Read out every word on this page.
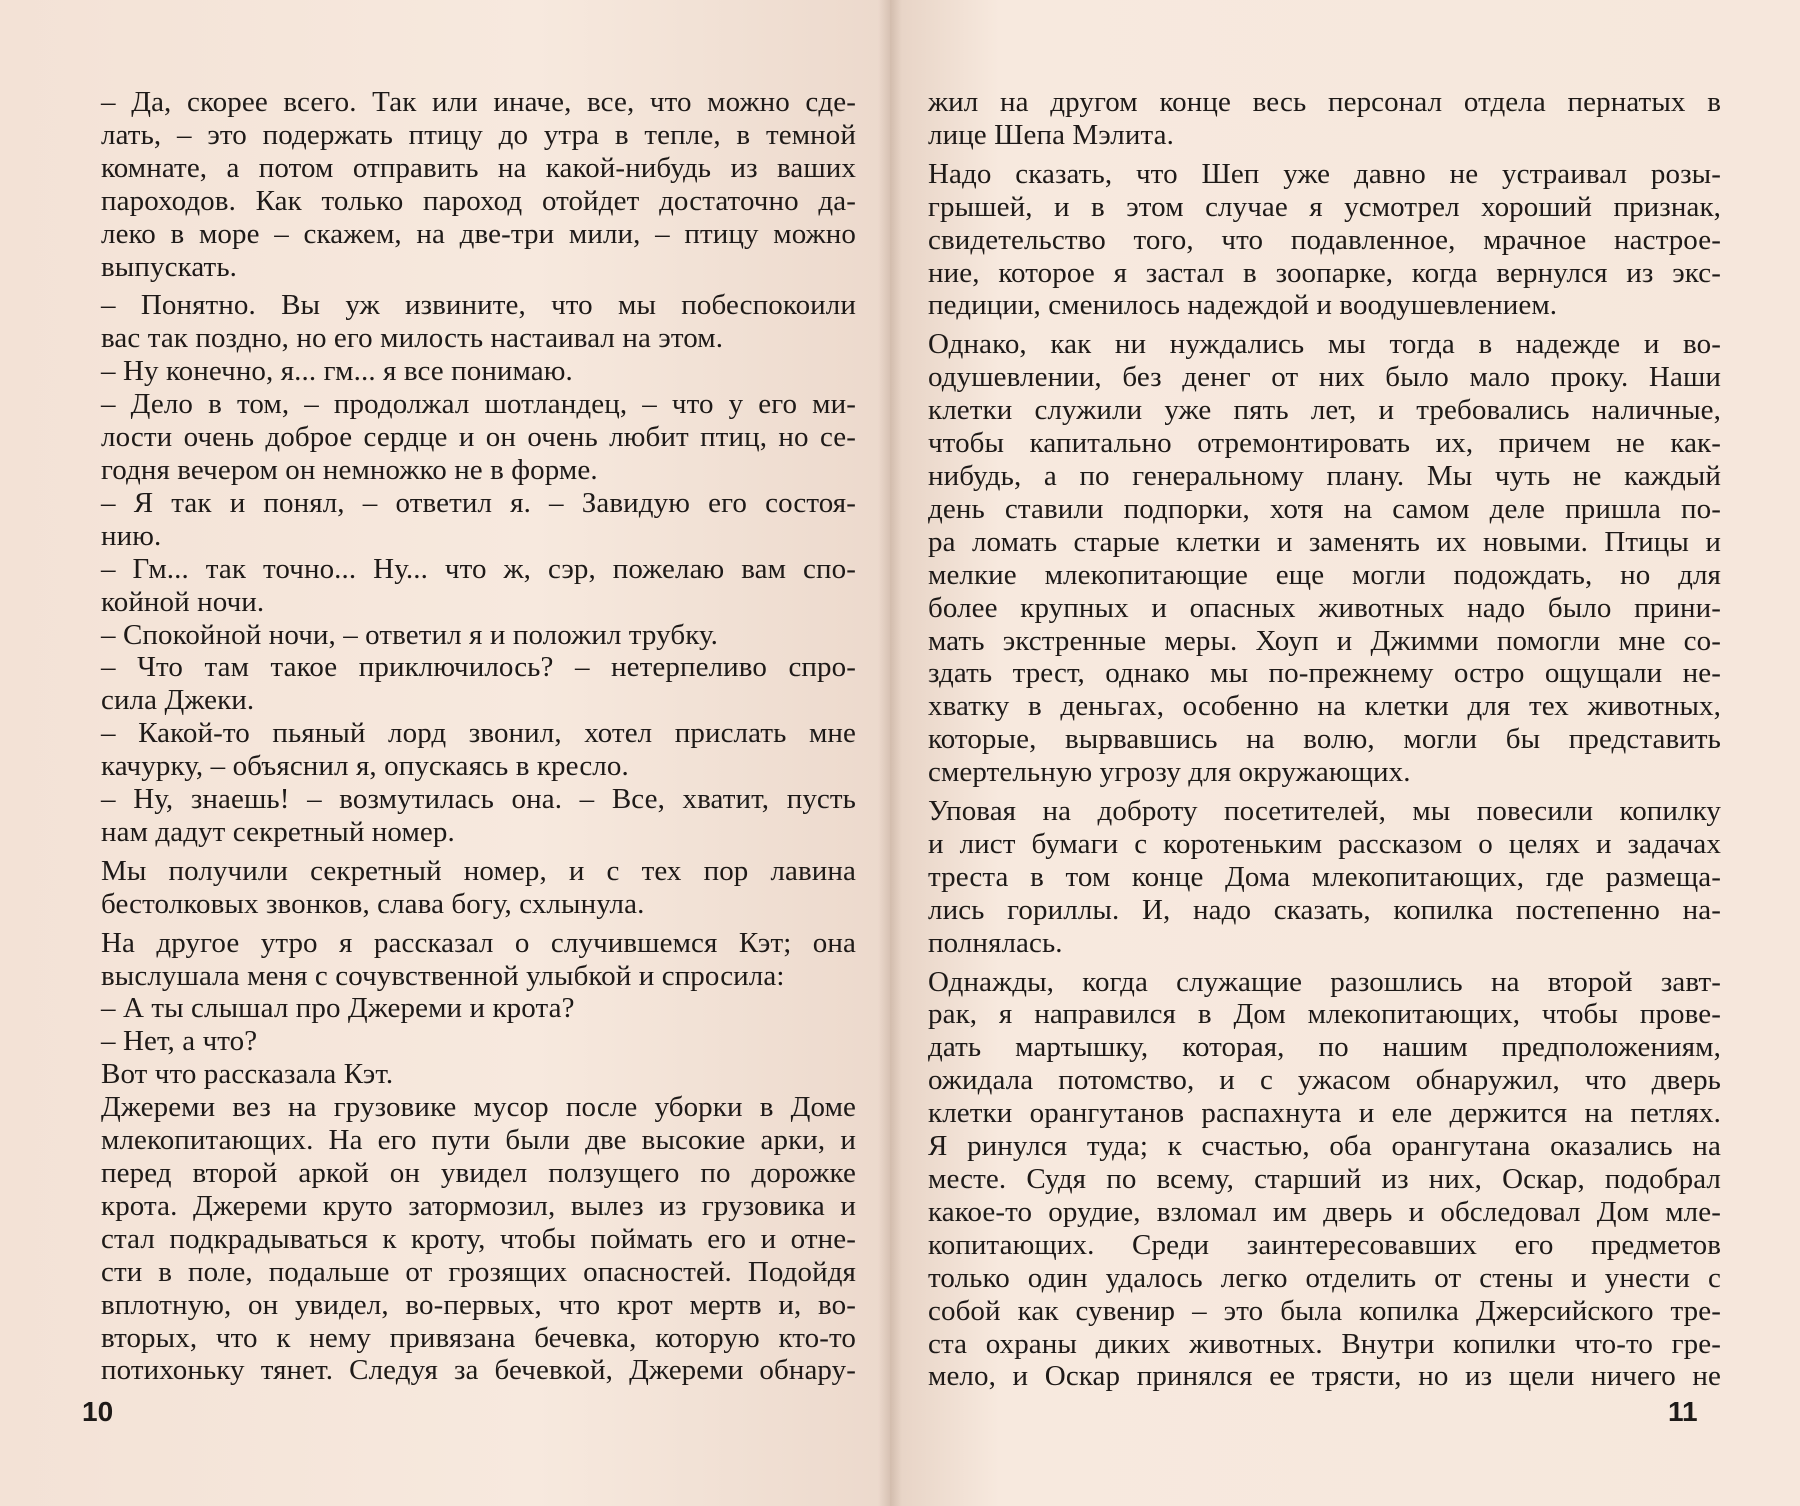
– Да, скорее всего. Так или иначе, все, что можно сде-

лать, – это подержать птицу до утра в тепле, в темной

комнате, а потом отправить на какой-нибудь из ваших

пароходов. Как только пароход отойдет достаточно да-

леко в море – скажем, на две-три мили, – птицу можно

выпускать.

– Понятно. Вы уж извините, что мы побеспокоили

вас так поздно, но его милость настаивал на этом.

– Ну конечно, я... гм... я все понимаю.

– Дело в том, – продолжал шотландец, – что у его ми-

лости очень доброе сердце и он очень любит птиц, но се-

годня вечером он немножко не в форме.

– Я так и понял, – ответил я. – Завидую его состоя-

нию.

– Гм... так точно... Ну... что ж, сэр, пожелаю вам спо-

койной ночи.

– Спокойной ночи, – ответил я и положил трубку.

– Что там такое приключилось? – нетерпеливо спро-

сила Джеки.

– Какой-то пьяный лорд звонил, хотел прислать мне

качурку, – объяснил я, опускаясь в кресло.

– Ну, знаешь! – возмутилась она. – Все, хватит, пусть

нам дадут секретный номер.

Мы получили секретный номер, и с тех пор лавина

бестолковых звонков, слава богу, схлынула.

На другое утро я рассказал о случившемся Кэт; она

выслушала меня с сочувственной улыбкой и спросила:

– А ты слышал про Джереми и крота?

– Нет, а что?

Вот что рассказала Кэт.

Джереми вез на грузовике мусор после уборки в Доме

млекопитающих. На его пути были две высокие арки, и

перед второй аркой он увидел ползущего по дорожке

крота. Джереми круто затормозил, вылез из грузовика и

стал подкрадываться к кроту, чтобы поймать его и отне-

сти в поле, подальше от грозящих опасностей. Подойдя

вплотную, он увидел, во-первых, что крот мертв и, во-

вторых, что к нему привязана бечевка, которую кто-то

потихоньку тянет. Следуя за бечевкой, Джереми обнару-

10

жил на другом конце весь персонал отдела пернатых в

лице Шепа Мэлита.

Надо сказать, что Шеп уже давно не устраивал розы-

грышей, и в этом случае я усмотрел хороший признак,

свидетельство того, что подавленное, мрачное настрое-

ние, которое я застал в зоопарке, когда вернулся из экс-

педиции, сменилось надеждой и воодушевлением.

Однако, как ни нуждались мы тогда в надежде и во-

одушевлении, без денег от них было мало проку. Наши

клетки служили уже пять лет, и требовались наличные,

чтобы капитально отремонтировать их, причем не как-

нибудь, а по генеральному плану. Мы чуть не каждый

день ставили подпорки, хотя на самом деле пришла по-

ра ломать старые клетки и заменять их новыми. Птицы и

мелкие млекопитающие еще могли подождать, но для

более крупных и опасных животных надо было прини-

мать экстренные меры. Хоуп и Джимми помогли мне со-

здать трест, однако мы по-прежнему остро ощущали не-

хватку в деньгах, особенно на клетки для тех животных,

которые, вырвавшись на волю, могли бы представить

смертельную угрозу для окружающих.

Уповая на доброту посетителей, мы повесили копилку

и лист бумаги с коротеньким рассказом о целях и задачах

треста в том конце Дома млекопитающих, где размеща-

лись гориллы. И, надо сказать, копилка постепенно на-

полнялась.

Однажды, когда служащие разошлись на второй завт-

рак, я направился в Дом млекопитающих, чтобы прове-

дать мартышку, которая, по нашим предположениям,

ожидала потомство, и с ужасом обнаружил, что дверь

клетки орангутанов распахнута и еле держится на петлях.

Я ринулся туда; к счастью, оба орангутана оказались на

месте. Судя по всему, старший из них, Оскар, подобрал

какое-то орудие, взломал им дверь и обследовал Дом мле-

копитающих. Среди заинтересовавших его предметов

только один удалось легко отделить от стены и унести с

собой как сувенир – это была копилка Джерсийского тре-

ста охраны диких животных. Внутри копилки что-то гре-

мело, и Оскар принялся ее трясти, но из щели ничего не

11
